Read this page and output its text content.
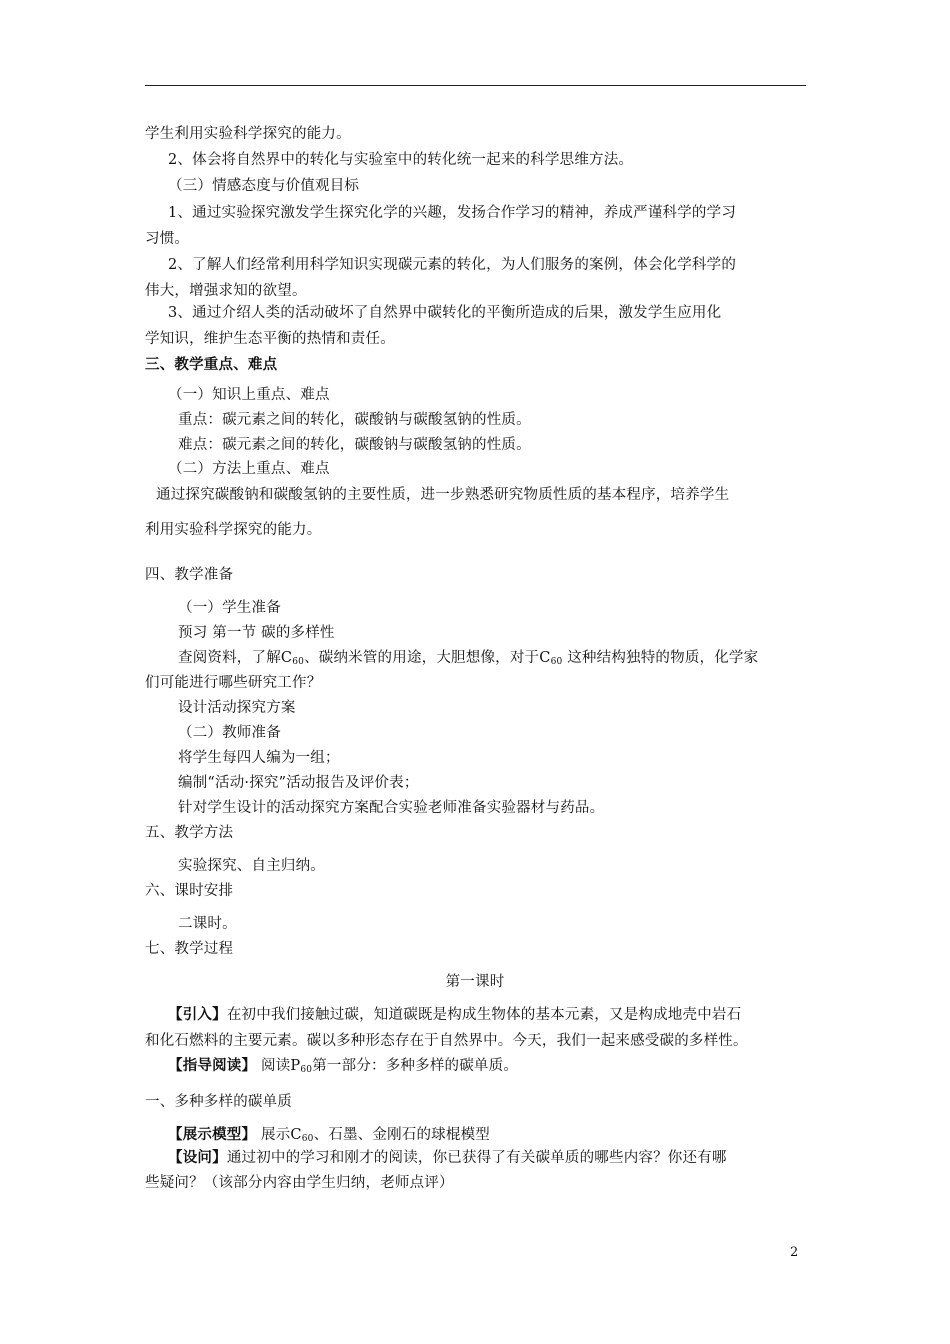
学生利用实验科学探究的能力。
2、体会将自然界中的转化与实验室中的转化统一起来的科学思维方法。
（三）情感态度与价值观目标
1、通过实验探究激发学生探究化学的兴趣，发扬合作学习的精神，养成严谨科学的学习
习惯。
2、了解人们经常利用科学知识实现碳元素的转化，为人们服务的案例，体会化学科学的
伟大，增强求知的欲望。
3、通过介绍人类的活动破坏了自然界中碳转化的平衡所造成的后果，激发学生应用化
学知识，维护生态平衡的热情和责任。
三、教学重点、难点
（一）知识上重点、难点
重点：碳元素之间的转化，碳酸钠与碳酸氢钠的性质。
难点：碳元素之间的转化，碳酸钠与碳酸氢钠的性质。
（二）方法上重点、难点
通过探究碳酸钠和碳酸氢钠的主要性质，进一步熟悉研究物质性质的基本程序，培养学生
利用实验科学探究的能力。
四、教学准备
（一）学生准备
预习 第一节 碳的多样性
查阅资料，了解$C_{60}$、碳纳米管的用途，大胆想像，对于$C_{60}$ 这种结构独特的物质，化学家
们可能进行哪些研究工作？
设计活动探究方案
（二）教师准备
将学生每四人编为一组；
编制“活动·探究”活动报告及评价表；
针对学生设计的活动探究方案配合实验老师准备实验器材与药品。
五、教学方法
实验探究、自主归纳。
六、课时安排
二课时。
七、教学过程
第一课时
【引入】在初中我们接触过碳，知道碳既是构成生物体的基本元素，又是构成地壳中岩石
和化石燃料的主要元素。碳以多种形态存在于自然界中。今天，我们一起来感受碳的多样性。
【指导阅读】 阅读$P_{60}$第一部分：多种多样的碳单质。
一、多种多样的碳单质
【展示模型】 展示$C_{60}$、石墨、金刚石的球棍模型
【设问】通过初中的学习和刚才的阅读，你已获得了有关碳单质的哪些内容？你还有哪
些疑问？（该部分内容由学生归纳，老师点评）
2
